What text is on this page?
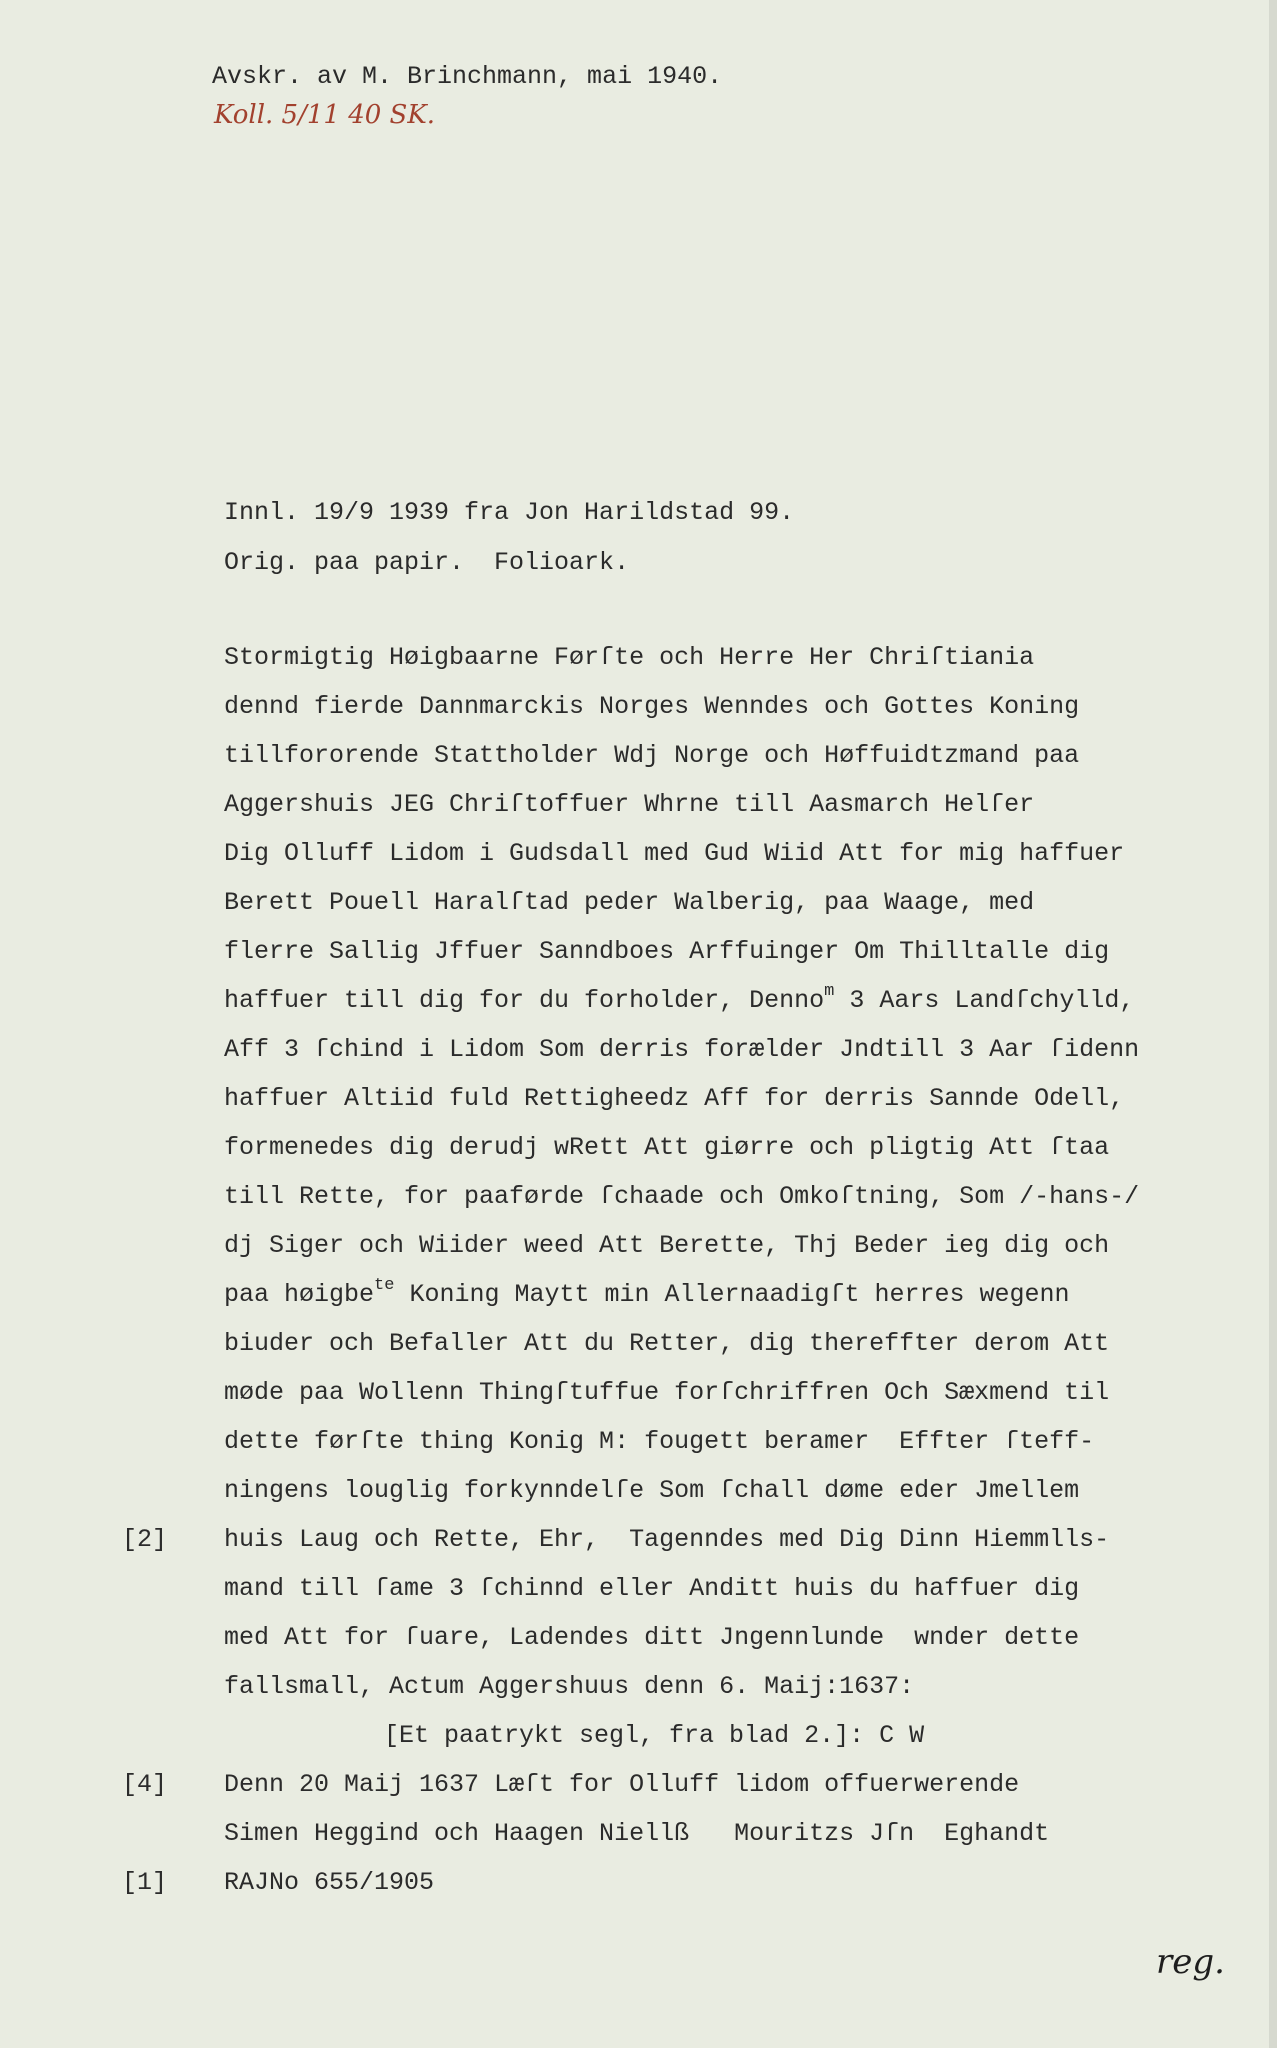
Avskr. av M. Brinchmann, mai 1940.
Koll. 5/11 40 SK.
Innl. 19/9 1939 fra Jon Harildstad 99.
Orig. paa papir.  Folioark.
Stormigtig Høigbaarne Førſte och Herre Her Chriſtiania
dennd fierde Dannmarckis Norges Wenndes och Gottes Koning
tillfororende Stattholder Wdj Norge och Høffuidtzmand paa
Aggershuis JEG Chriſtoffuer Whrne till Aasmarch Helſer
Dig Olluff Lidom i Gudsdall med Gud Wiid Att for mig haffuer
Berett Pouell Haralſtad peder Walberig, paa Waage, med
flerre Sallig Jffuer Sanndboes Arffuinger Om Thilltalle dig
haffuer till dig for du forholder, Denno$^m$ 3 Aars Landſchylld,
Aff 3 ſchind i Lidom Som derris forælder Jndtill 3 Aar ſidenn
haffuer Altiid fuld Rettigheedz Aff for derris Sannde Odell,
formenedes dig derudj wRett Att giørre och pligtig Att ſtaa
till Rette, for paaførde ſchaade och Omkoſtning, Som /-hans-/
dj Siger och Wiider weed Att Berette, Thj Beder ieg dig och
paa høigbe$^{te}$ Koning Maytt min Allernaadigſt herres wegenn
biuder och Befaller Att du Retter, dig thereffter derom Att
møde paa Wollenn Thingſtuffue forſchriffren Och Sæxmend til
dette førſte thing Konig M: fougett beramer  Effter ſteff-
ningens louglig forkynndelſe Som ſchall døme eder Jmellem
huis Laug och Rette, Ehr,  Tagenndes med Dig Dinn Hiemmlls-
mand till ſame 3 ſchinnd eller Anditt huis du haffuer dig
med Att for ſuare, Ladendes ditt Jngennlunde  wnder dette
fallsmall, Actum Aggershuus denn 6. Maij:1637:
[Et paatrykt segl, fra blad 2.]: C W
Denn 20 Maij 1637 Læſt for Olluff lidom offuerwerende
Simen Heggind och Haagen Niellß   Mouritzs Jſn  Eghandt
RAJNo 655/1905
[2]
[4]
[1]
reg.
